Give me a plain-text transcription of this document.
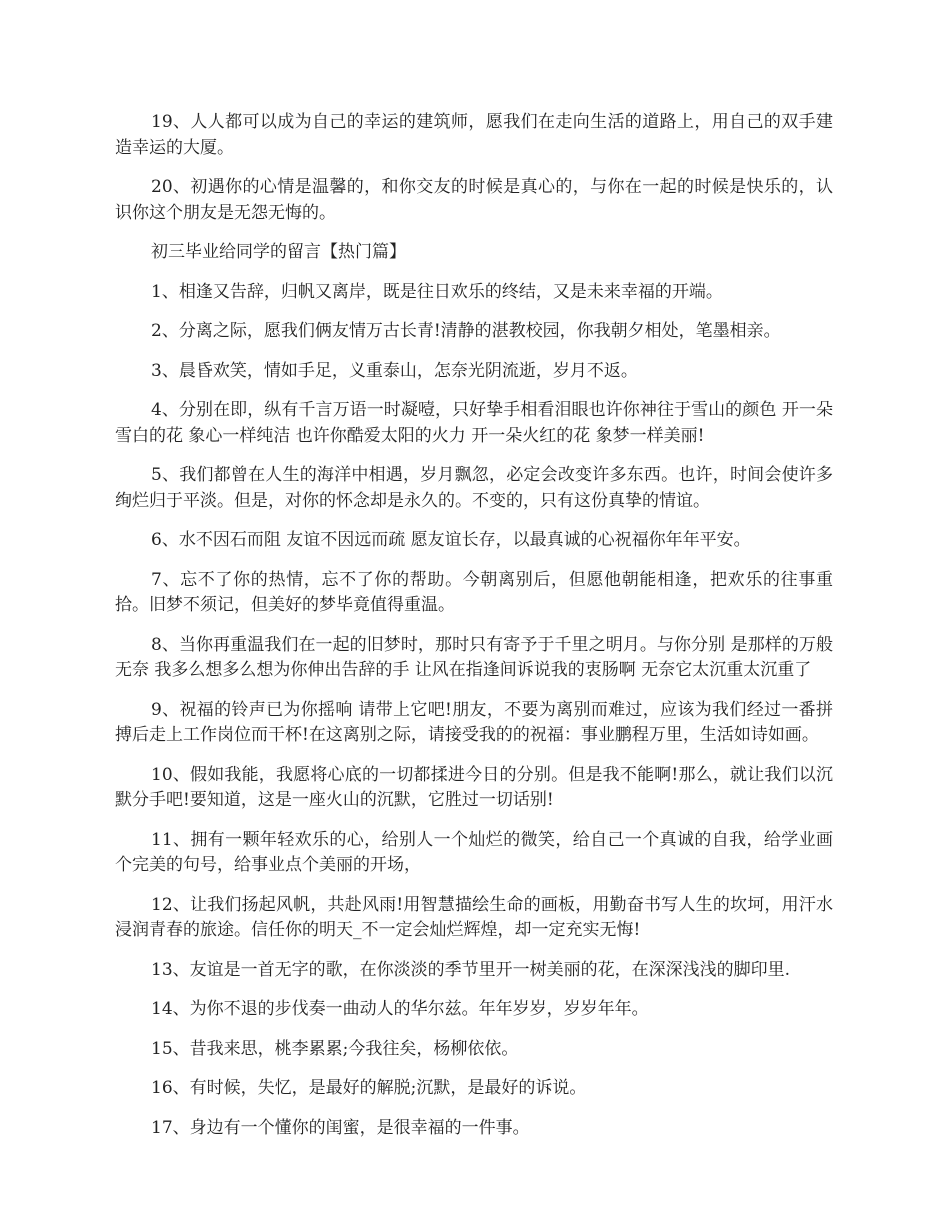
19、人人都可以成为自己的幸运的建筑师，愿我们在走向生活的道路上，用自己的双手建造幸运的大厦。

20、初遇你的心情是温馨的，和你交友的时候是真心的，与你在一起的时候是快乐的，认识你这个朋友是无怨无悔的。

初三毕业给同学的留言【热门篇】

1、相逢又告辞，归帆又离岸，既是往日欢乐的终结，又是未来幸福的开端。

2、分离之际，愿我们俩友情万古长青!清静的湛教校园，你我朝夕相处，笔墨相亲。

3、晨昏欢笑，情如手足，义重泰山，怎奈光阴流逝，岁月不返。

4、分别在即，纵有千言万语一时凝噎，只好挚手相看泪眼也许你神往于雪山的颜色 开一朵雪白的花 象心一样纯洁 也许你酷爱太阳的火力 开一朵火红的花 象梦一样美丽!

5、我们都曾在人生的海洋中相遇，岁月飘忽，必定会改变许多东西。也许，时间会使许多绚烂归于平淡。但是，对你的怀念却是永久的。不变的，只有这份真挚的情谊。

6、水不因石而阻 友谊不因远而疏 愿友谊长存，以最真诚的心祝福你年年平安。

7、忘不了你的热情，忘不了你的帮助。今朝离别后，但愿他朝能相逢，把欢乐的往事重拾。旧梦不须记，但美好的梦毕竟值得重温。

8、当你再重温我们在一起的旧梦时，那时只有寄予于千里之明月。与你分别 是那样的万般无奈 我多么想多么想为你伸出告辞的手 让风在指逢间诉说我的衷肠啊 无奈它太沉重太沉重了

9、祝福的铃声已为你摇响 请带上它吧!朋友，不要为离别而难过，应该为我们经过一番拼搏后走上工作岗位而干杯!在这离别之际，请接受我的的祝福：事业鹏程万里，生活如诗如画。

10、假如我能，我愿将心底的一切都揉进今日的分别。但是我不能啊!那么，就让我们以沉默分手吧!要知道，这是一座火山的沉默，它胜过一切话别!

11、拥有一颗年轻欢乐的心，给别人一个灿烂的微笑，给自己一个真诚的自我，给学业画个完美的句号，给事业点个美丽的开场，

12、让我们扬起风帆，共赴风雨!用智慧描绘生命的画板，用勤奋书写人生的坎坷，用汗水浸润青春的旅途。信任你的明天_不一定会灿烂辉煌，却一定充实无悔!

13、友谊是一首无字的歌，在你淡淡的季节里开一树美丽的花，在深深浅浅的脚印里.

14、为你不退的步伐奏一曲动人的华尔兹。年年岁岁，岁岁年年。

15、昔我来思，桃李累累;今我往矣，杨柳依依。

16、有时候，失忆，是最好的解脱;沉默，是最好的诉说。

17、身边有一个懂你的闺蜜，是很幸福的一件事。
